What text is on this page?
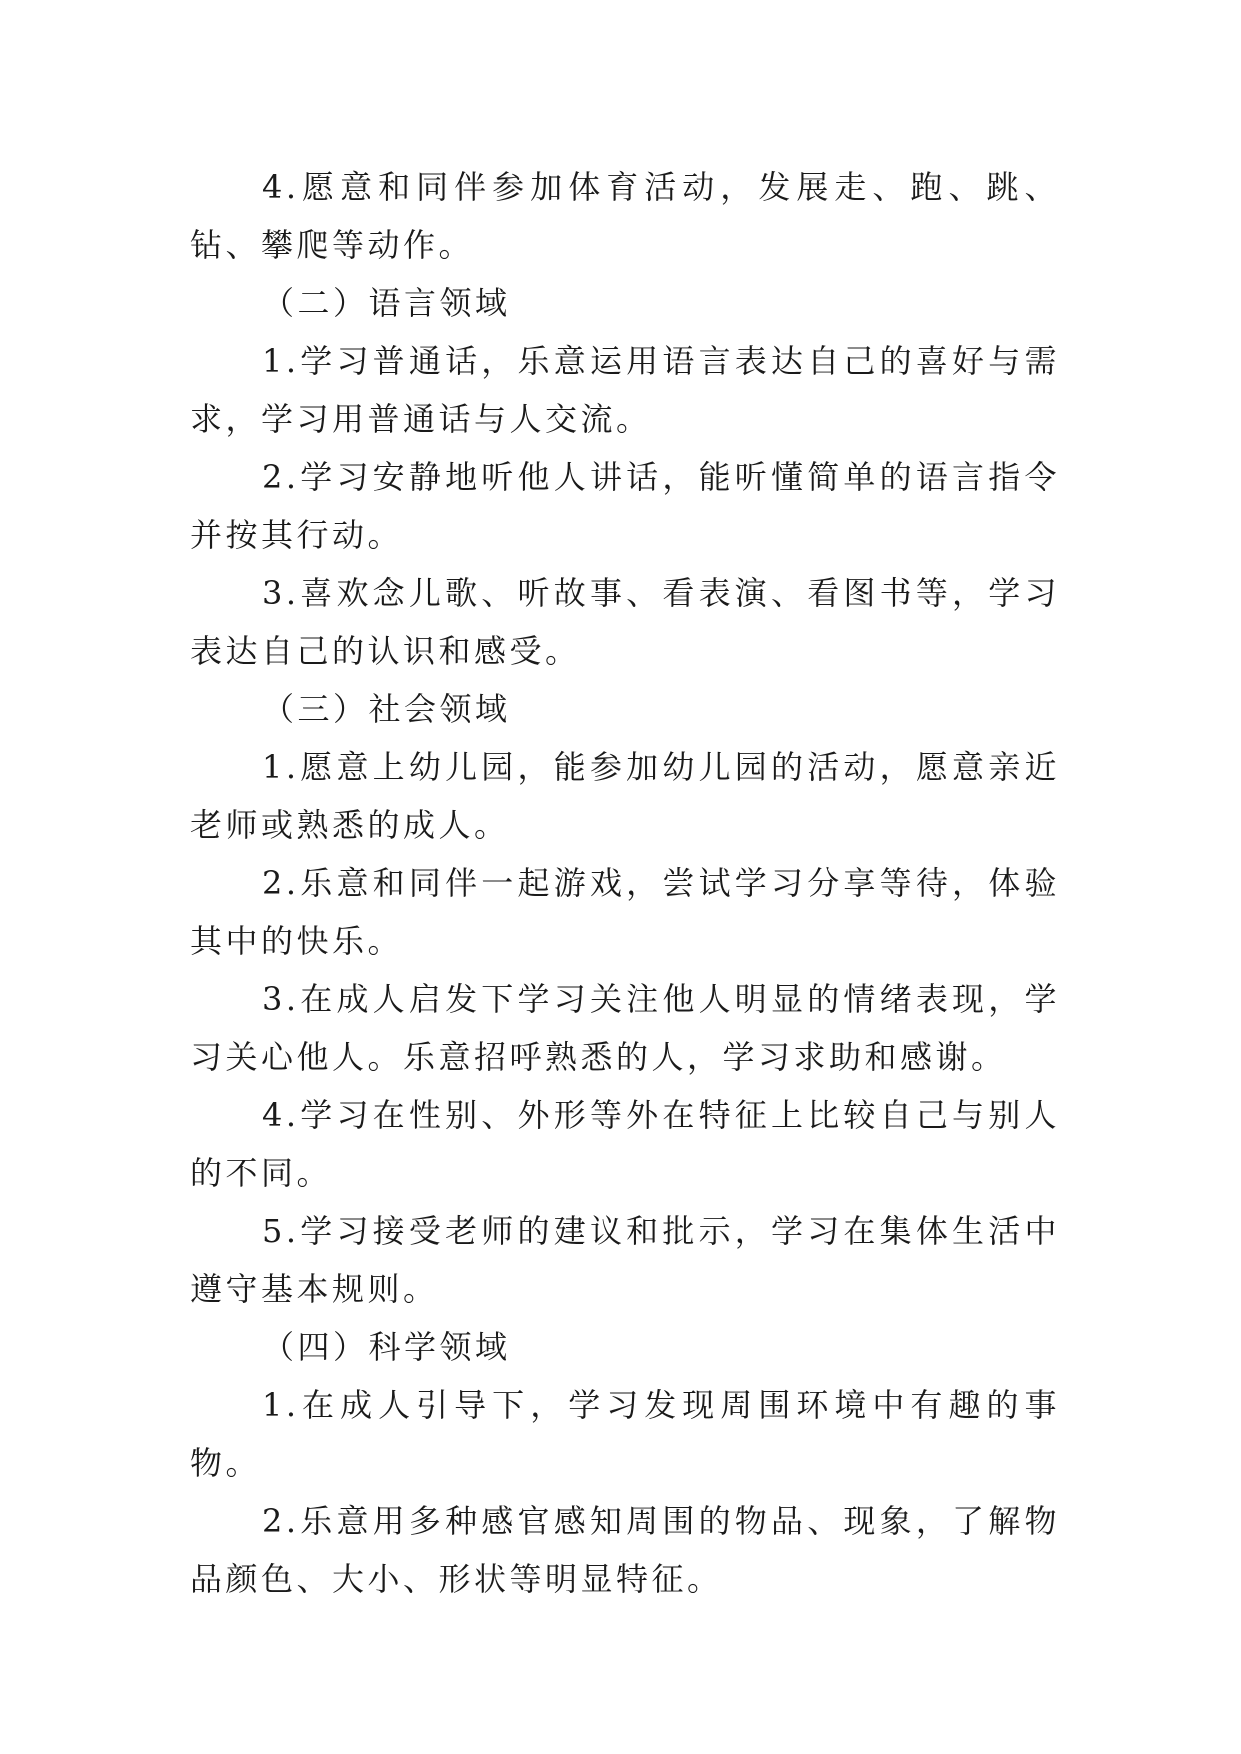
4.愿意和同伴参加体育活动，发展走、跑、跳、钻、攀爬等动作。

（二）语言领域

1.学习普通话，乐意运用语言表达自己的喜好与需求，学习用普通话与人交流。

2.学习安静地听他人讲话，能听懂简单的语言指令并按其行动。

3.喜欢念儿歌、听故事、看表演、看图书等，学习表达自己的认识和感受。

（三）社会领域

1.愿意上幼儿园，能参加幼儿园的活动，愿意亲近老师或熟悉的成人。

2.乐意和同伴一起游戏，尝试学习分享等待，体验其中的快乐。

3.在成人启发下学习关注他人明显的情绪表现，学习关心他人。乐意招呼熟悉的人，学习求助和感谢。

4.学习在性别、外形等外在特征上比较自己与别人的不同。

5.学习接受老师的建议和批示，学习在集体生活中遵守基本规则。

（四）科学领域

1.在成人引导下，学习发现周围环境中有趣的事物。

2.乐意用多种感官感知周围的物品、现象，了解物品颜色、大小、形状等明显特征。
